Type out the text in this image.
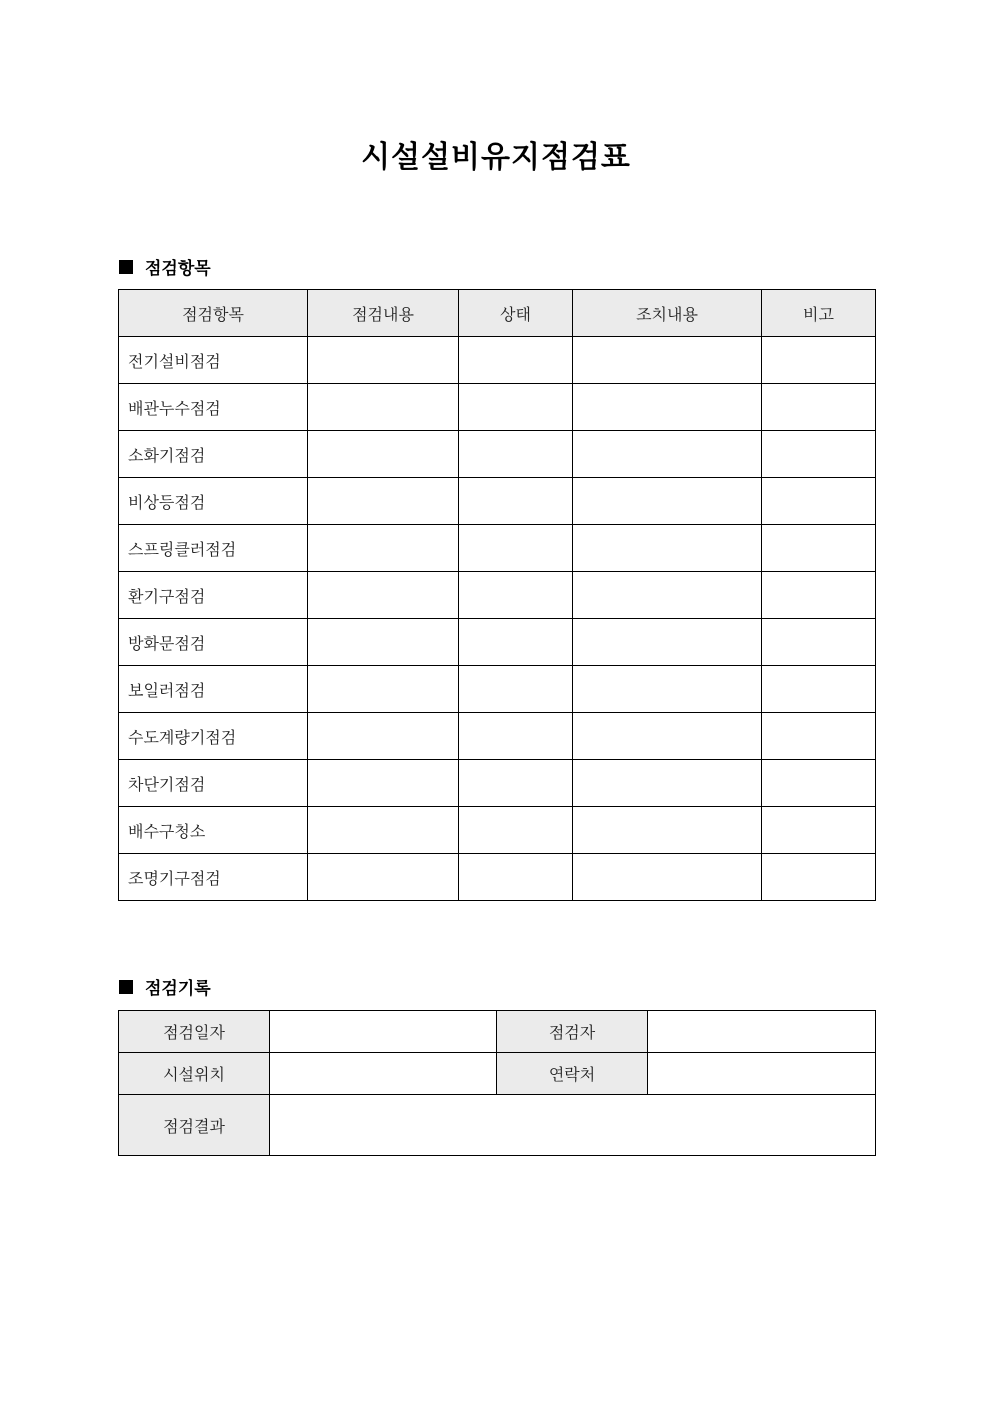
시설설비유지점검표
점검항목
점검항목	점검내용	상태	조치내용	비고
전기설비점검				
배관누수점검				
소화기점검				
비상등점검				
스프링클러점검				
환기구점검				
방화문점검				
보일러점검				
수도계량기점검				
차단기점검				
배수구청소				
조명기구점검				
점검기록
점검일자		점검자	
시설위치		연락처	
점검결과			
